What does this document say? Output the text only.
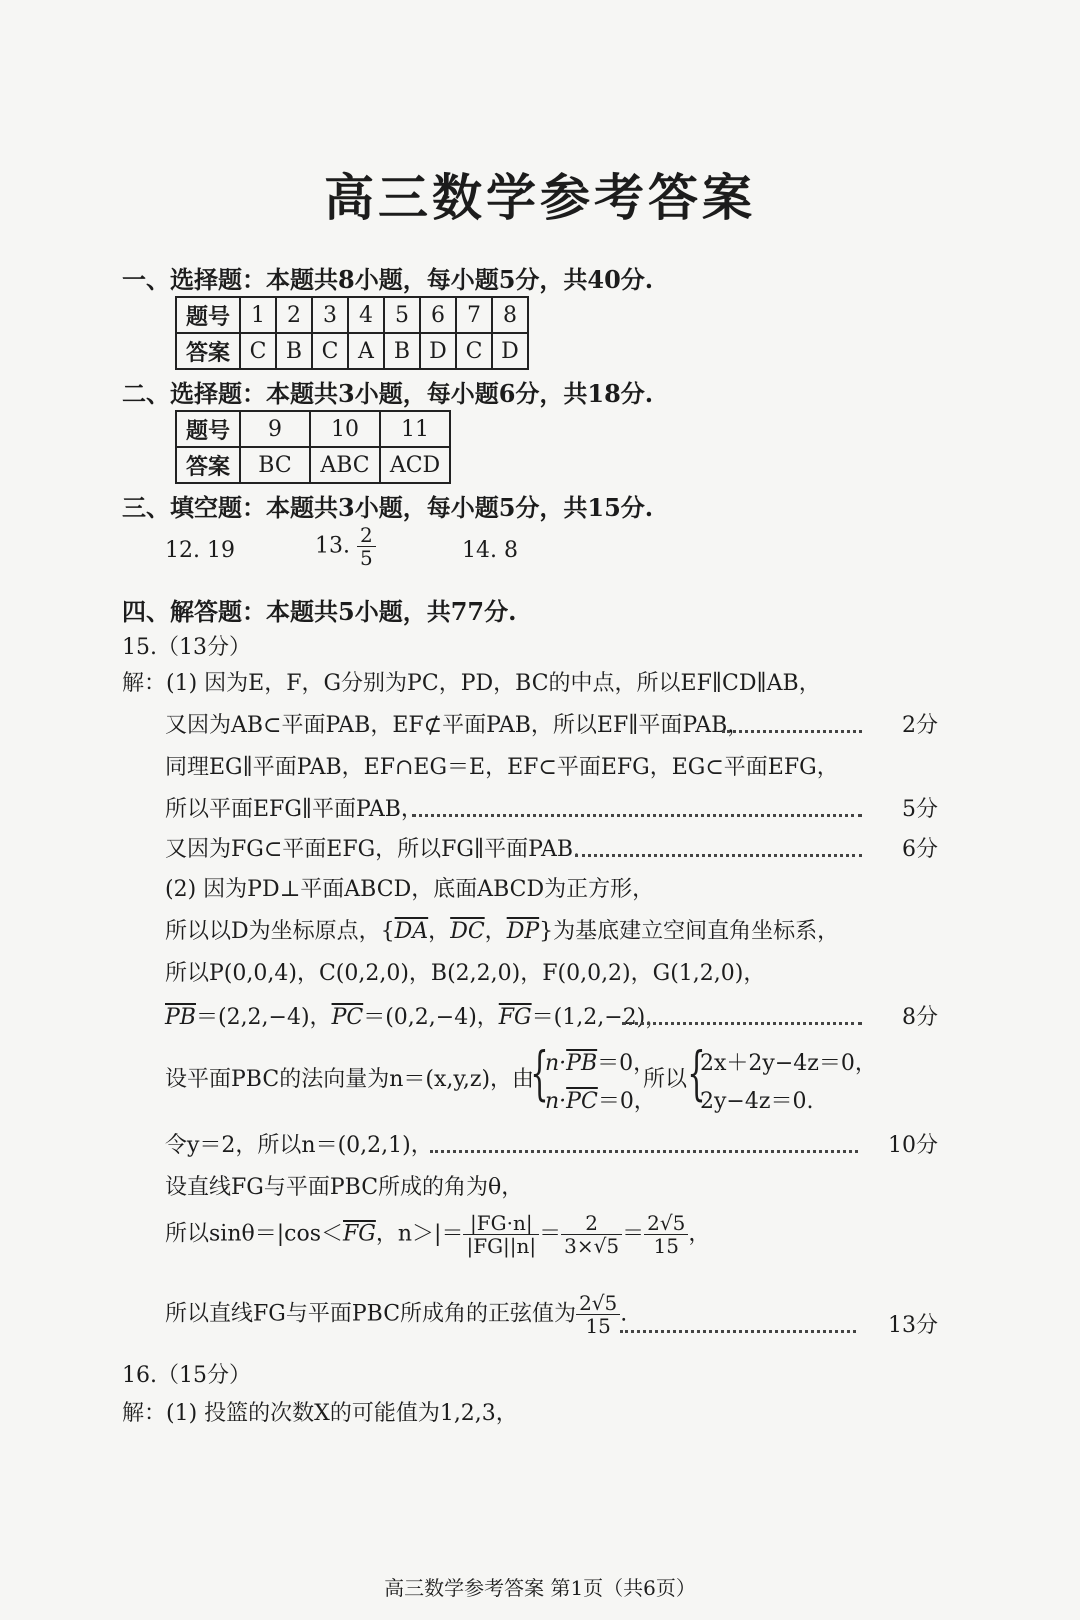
高三数学参考答案
一、选择题：本题共8小题，每小题5分，共40分.
题号	1	2	3	4	5	6	7	8
答案	C	B	C	A	B	D	C	D
二、选择题：本题共3小题，每小题6分，共18分.
题号	9	10	11
答案	BC	ABC	ACD
三、填空题：本题共3小题，每小题5分，共15分.
12. 19	13. $\frac{2}{5}$	14. 8
四、解答题：本题共5小题，共77分.
15.（13分）
解：(1) 因为E，F，G分别为PC，PD，BC的中点，所以EF∥CD∥AB，
又因为AB⊂平面PAB，EF⊄平面PAB，所以EF∥平面PAB，	2分
同理EG∥平面PAB，EF∩EG＝E，EF⊂平面EFG，EG⊂平面EFG，
所以平面EFG∥平面PAB，	5分
又因为FG⊂平面EFG，所以FG∥平面PAB.	6分
(2) 因为PD⊥平面ABCD，底面ABCD为正方形，
所以以D为坐标原点，{$\overline{DA}$，$\overline{DC}$，$\overline{DP}$}为基底建立空间直角坐标系，
所以P(0,0,4)，C(0,2,0)，B(2,2,0)，F(0,0,2)，G(1,2,0)，
$\overline{PB}=(2,2,-4)$，$\overline{PC}=(0,2,-4)$，$\overline{FG}=(1,2,-2)$，	8分
设平面PBC的法向量为n＝(x,y,z)，由
{
$n\cdot\overline{PB}=0$，
$n\cdot\overline{PC}=0$，
所以 {
2x＋2y−4z＝0，
2y−4z＝0.
令y＝2，所以n＝(0,2,1)，	10分
设直线FG与平面PBC所成的角为θ，
所以$\sin\theta=|\cos<\overline{FG}$，$n>|= \frac{|FG\cdot n|}{|FG||n|} = \frac{2}{3\times√5} = \frac{2√5}{15}$ ，
所以直线FG与平面PBC所成角的正弦值为 $\frac{2√5}{15}$ .	13分
16.（15分）
解：(1) 投篮的次数X的可能值为1,2,3，
高三数学参考答案 第1页（共6页）
